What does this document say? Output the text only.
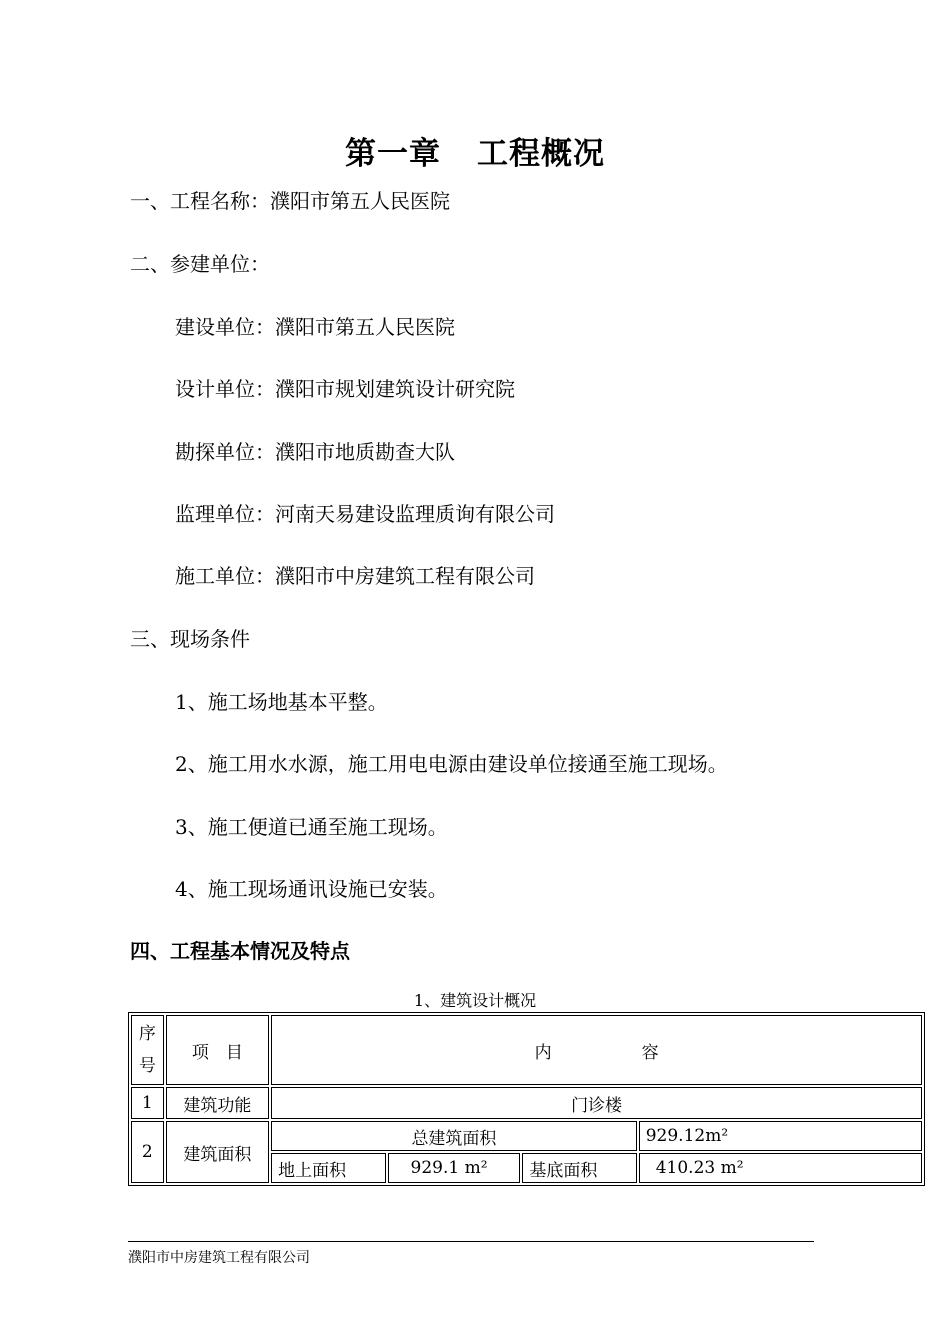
第一章 工程概况
一、工程名称：濮阳市第五人民医院
二、参建单位：
建设单位：濮阳市第五人民医院
设计单位：濮阳市规划建筑设计研究院
勘探单位：濮阳市地质勘查大队
监理单位：河南天易建设监理质询有限公司
施工单位：濮阳市中房建筑工程有限公司
三、现场条件
1、施工场地基本平整。
2、施工用水水源，施工用电电源由建设单位接通至施工现场。
3、施工便道已通至施工现场。
4、施工现场通讯设施已安装。
四、工程基本情况及特点
1、建筑设计概况
序
号	项　目	内 容			
1	建筑功能	门诊楼			
2	建筑面积	总建筑面积			929.12m²
		地上面积	929.1 m²	基底面积	410.23 m²
濮阳市中房建筑工程有限公司
